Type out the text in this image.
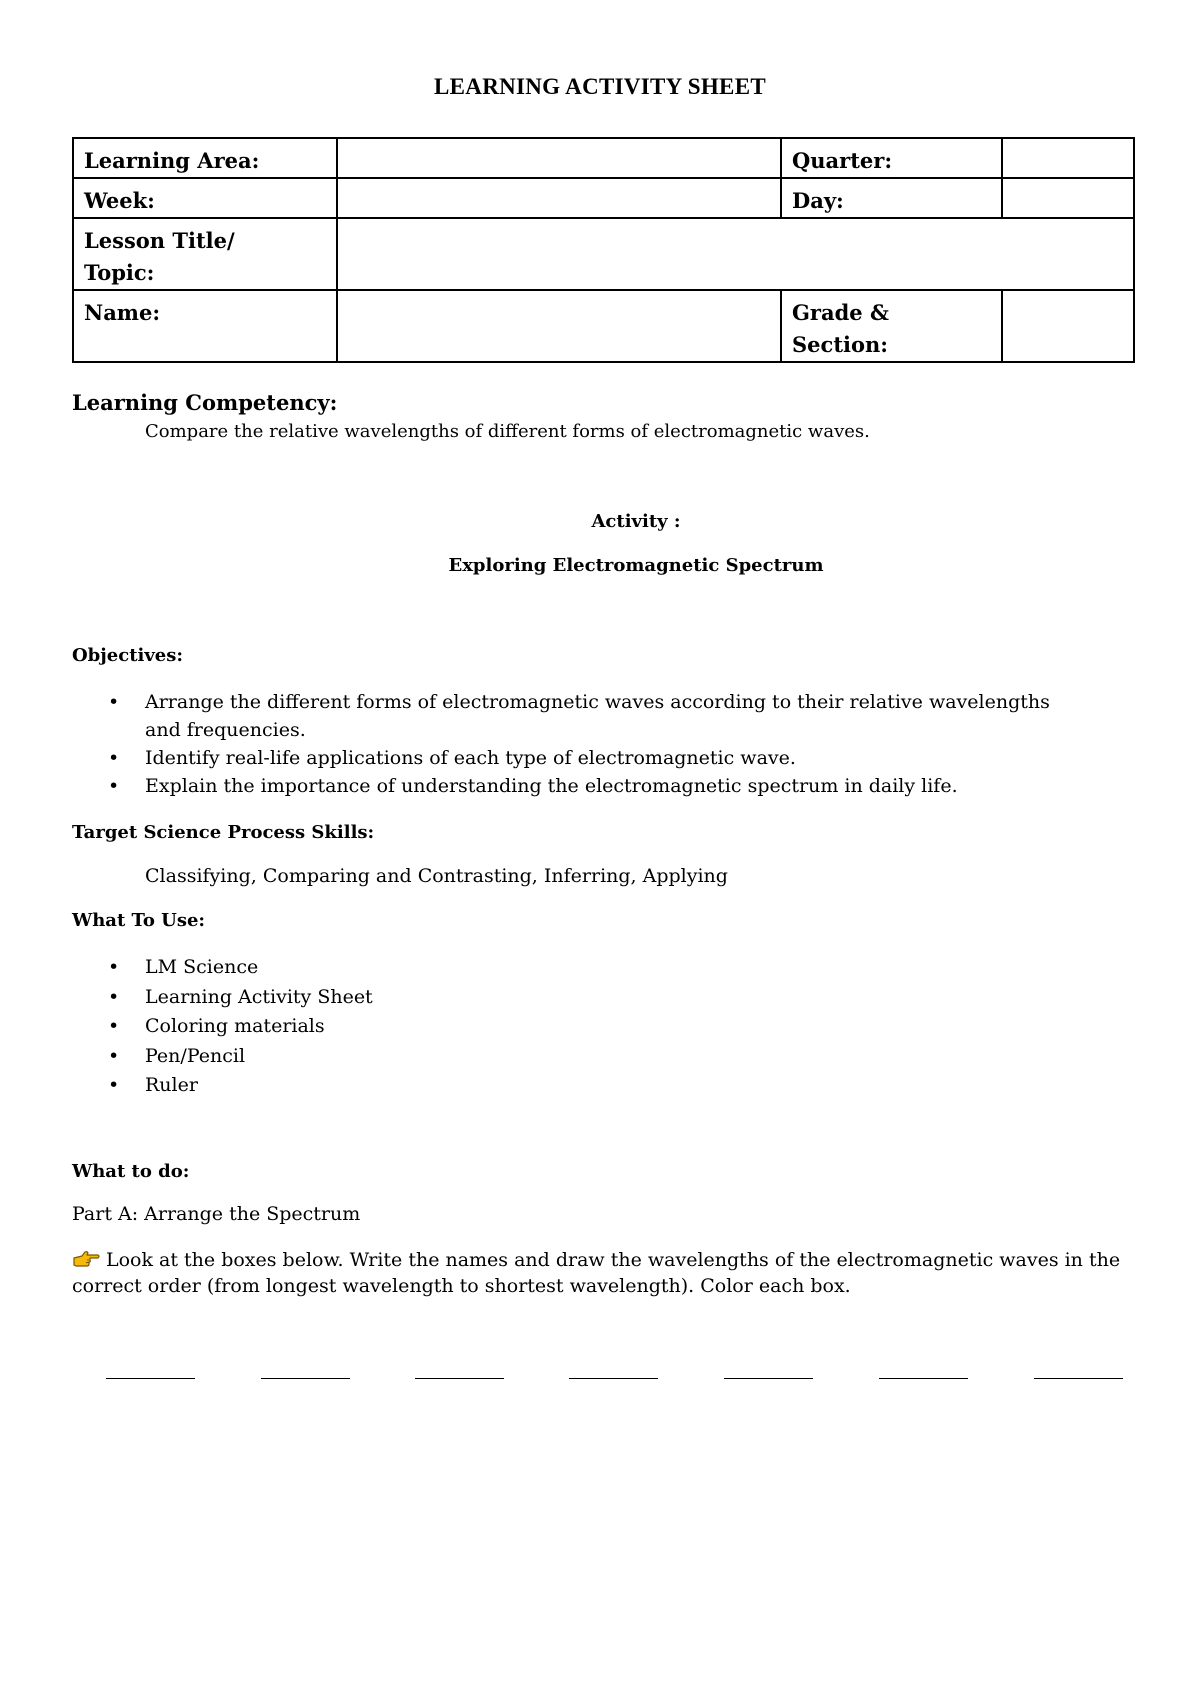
LEARNING ACTIVITY SHEET
Learning Area:		Quarter:	
Week:		Day:	
Lesson Title/
Topic:			
Name:		Grade &
Section:	
Learning Competency:
Compare the relative wavelengths of different forms of electromagnetic waves.
Activity :
Exploring Electromagnetic Spectrum
Objectives:
• Arrange the different forms of electromagnetic waves according to their relative wavelengths and frequencies.
• Identify real-life applications of each type of electromagnetic wave.
• Explain the importance of understanding the electromagnetic spectrum in daily life.
Target Science Process Skills:
Classifying, Comparing and Contrasting, Inferring, Applying
What To Use:
• LM Science
• Learning Activity Sheet
• Coloring materials
• Pen/Pencil
• Ruler
What to do:
Part A: Arrange the Spectrum
Look at the boxes below. Write the names and draw the wavelengths of the electromagnetic waves in the correct order (from longest wavelength to shortest wavelength). Color each box.
